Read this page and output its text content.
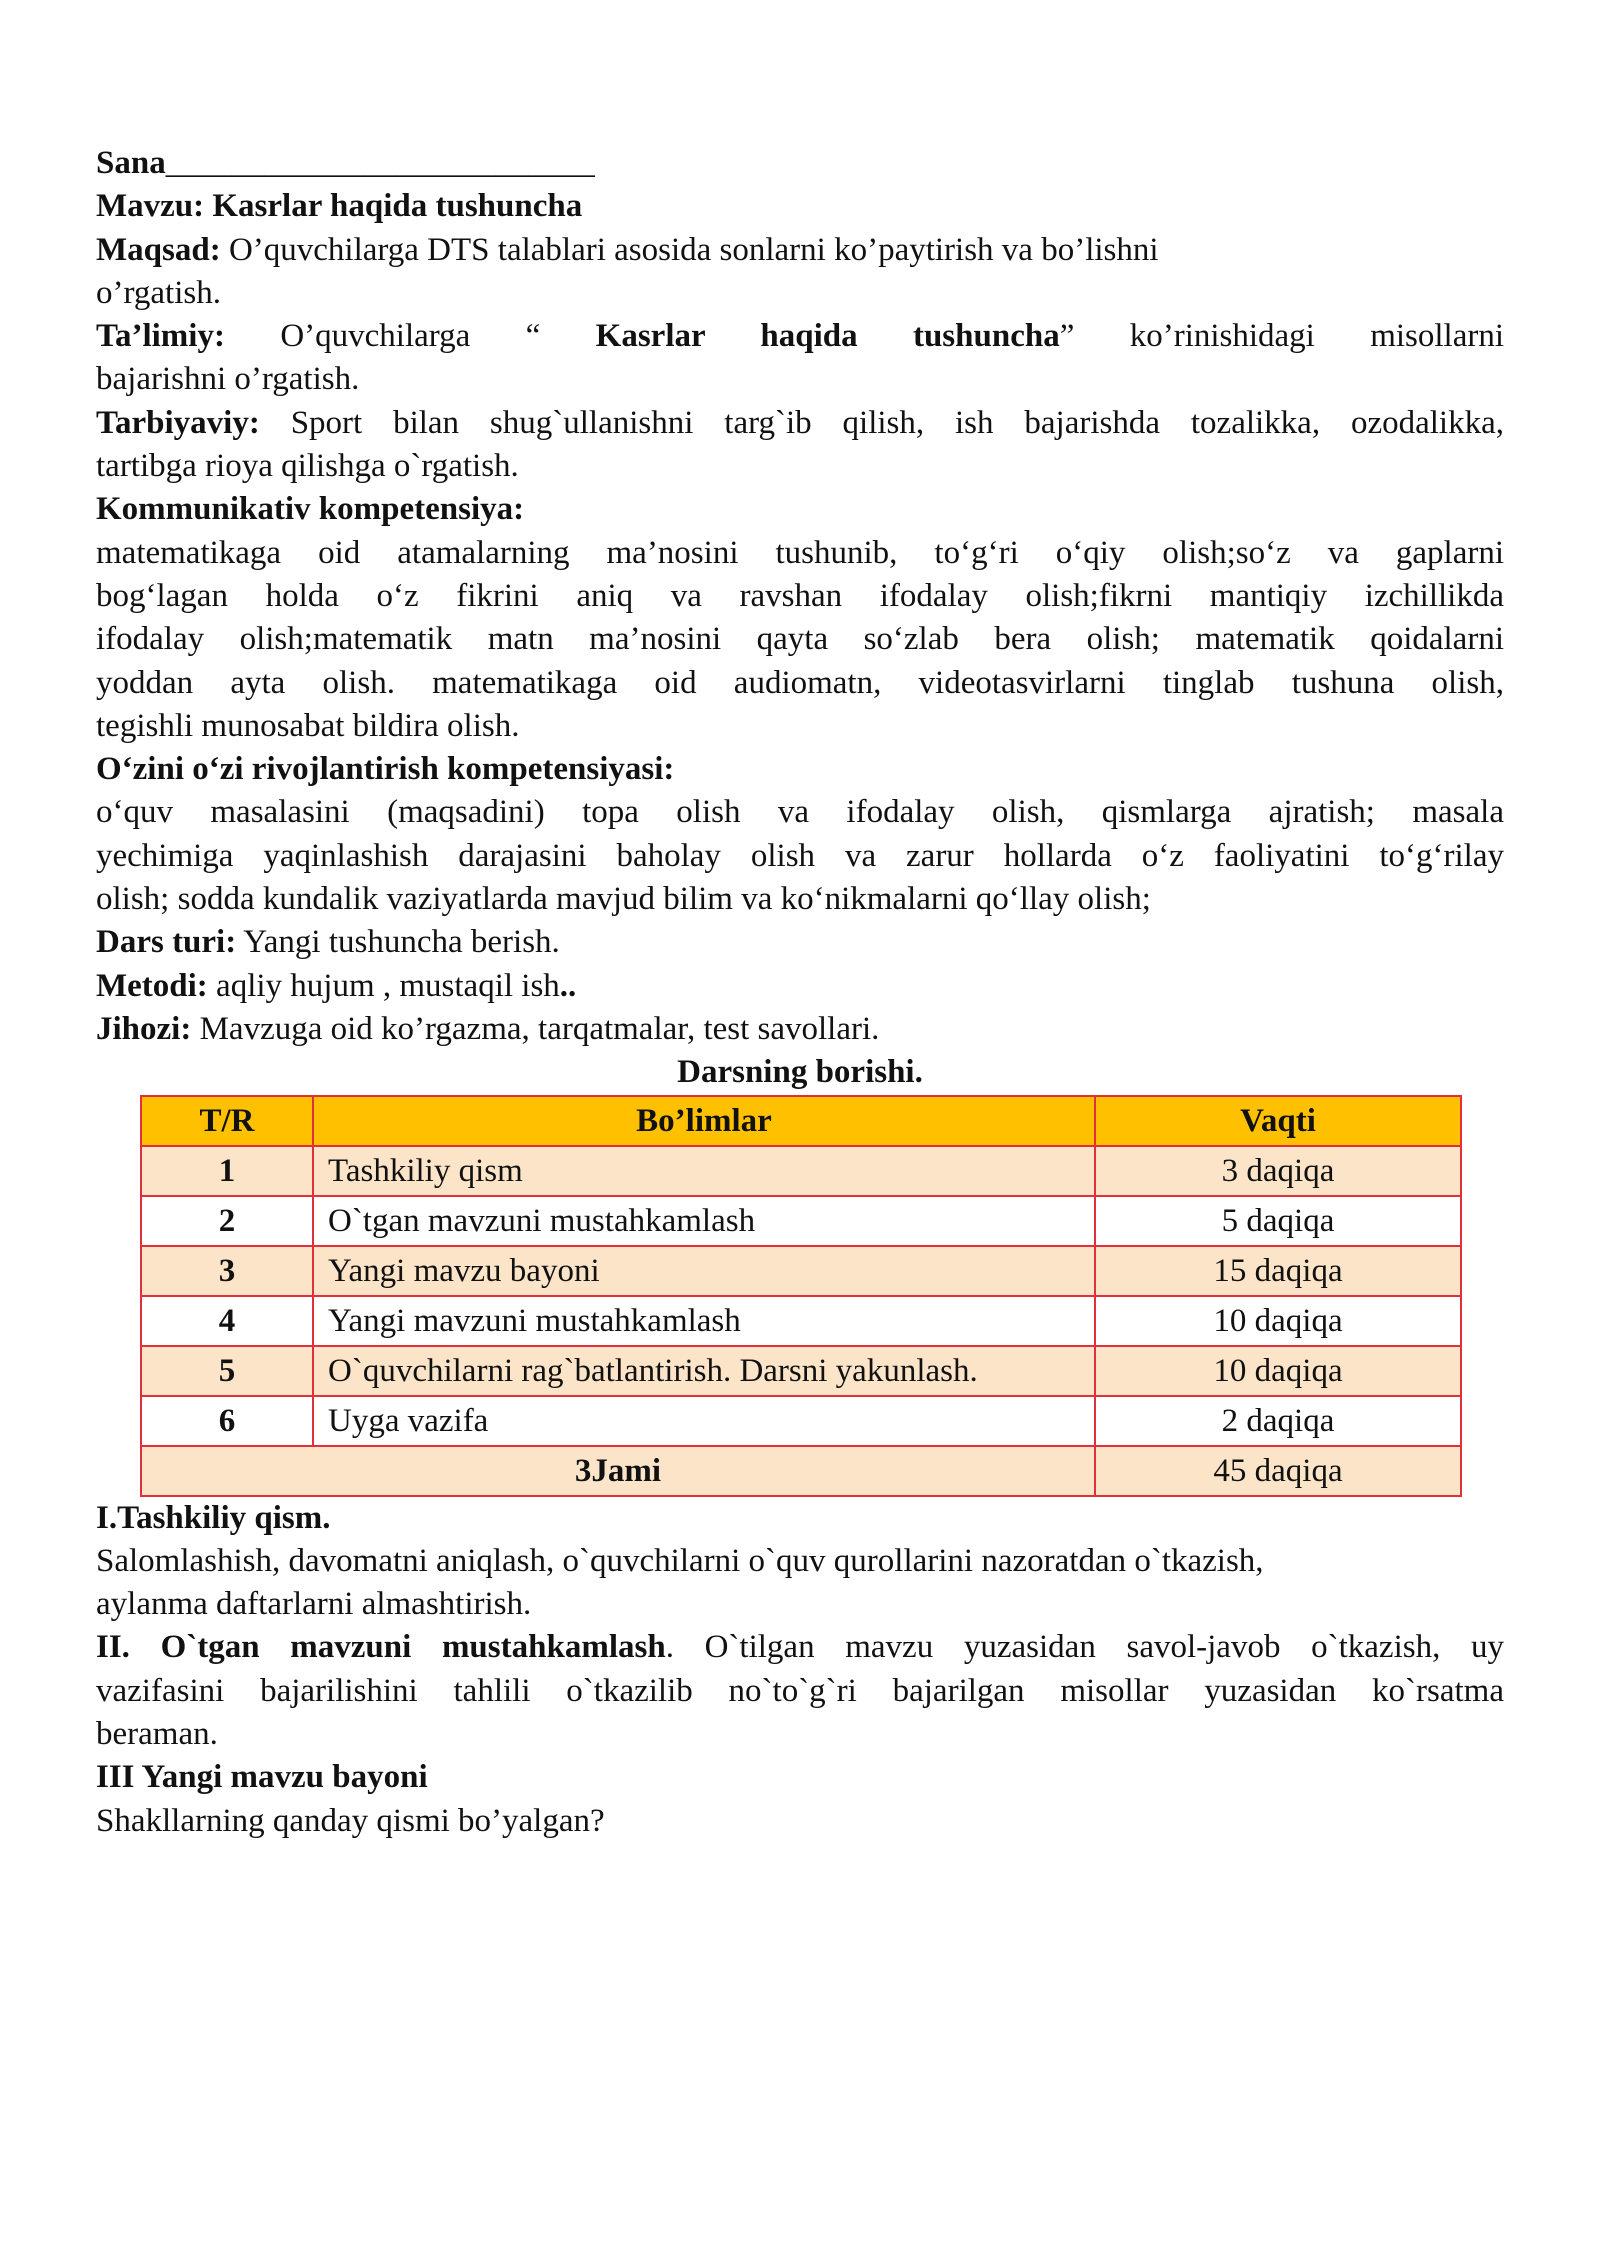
Sana__________________________

Mavzu: Kasrlar haqida tushuncha

Maqsad: O’quvchilarga DTS talablari asosida sonlarni ko’paytirish va bo’lishni

o’rgatish.

Ta’limiy: O’quvchilarga “ Kasrlar haqida tushuncha” ko’rinishidagi misollarni

bajarishni o’rgatish.

Tarbiyaviy: Sport bilan shug`ullanishni targ`ib qilish, ish bajarishda tozalikka, ozodalikka,

tartibga rioya qilishga o`rgatish.

Kommunikativ kompetensiya:

matematikaga oid atamalarning ma’nosini tushunib, to‘g‘ri o‘qiy olish;so‘z va gaplarni

bog‘lagan holda o‘z fikrini aniq va ravshan ifodalay olish;fikrni mantiqiy izchillikda

ifodalay olish;matematik matn ma’nosini qayta so‘zlab bera olish; matematik qoidalarni

yoddan ayta olish. matematikaga oid audiomatn, videotasvirlarni tinglab tushuna olish,

tegishli munosabat bildira olish.

O‘zini o‘zi rivojlantirish kompetensiyasi:

o‘quv masalasini (maqsadini) topa olish va ifodalay olish, qismlarga ajratish; masala

yechimiga yaqinlashish darajasini baholay olish va zarur hollarda o‘z faoliyatini to‘g‘rilay

olish; sodda kundalik vaziyatlarda mavjud bilim va ko‘nikmalarni qo‘llay olish;

Dars turi: Yangi tushuncha berish.

Metodi: aqliy hujum , mustaqil ish..

Jihozi: Mavzuga oid ko’rgazma, tarqatmalar, test savollari.

Darsning borishi.

T/R	Bo’limlar	Vaqti
1	Tashkiliy qism	3 daqiqa
2	O`tgan mavzuni mustahkamlash	5 daqiqa
3	Yangi mavzu bayoni	15 daqiqa
4	Yangi mavzuni mustahkamlash	10 daqiqa
5	O`quvchilarni rag`batlantirish. Darsni yakunlash.	10 daqiqa
6	Uyga vazifa	2 daqiqa
3Jami		45 daqiqa

I.Tashkiliy qism.

Salomlashish, davomatni aniqlash, o`quvchilarni o`quv qurollarini nazoratdan o`tkazish,

aylanma daftarlarni almashtirish.

II. O`tgan mavzuni mustahkamlash. O`tilgan mavzu yuzasidan savol-javob o`tkazish, uy

vazifasini bajarilishini tahlili o`tkazilib no`to`g`ri bajarilgan misollar yuzasidan ko`rsatma

beraman.

III Yangi mavzu bayoni

Shakllarning qanday qismi bo’yalgan?
